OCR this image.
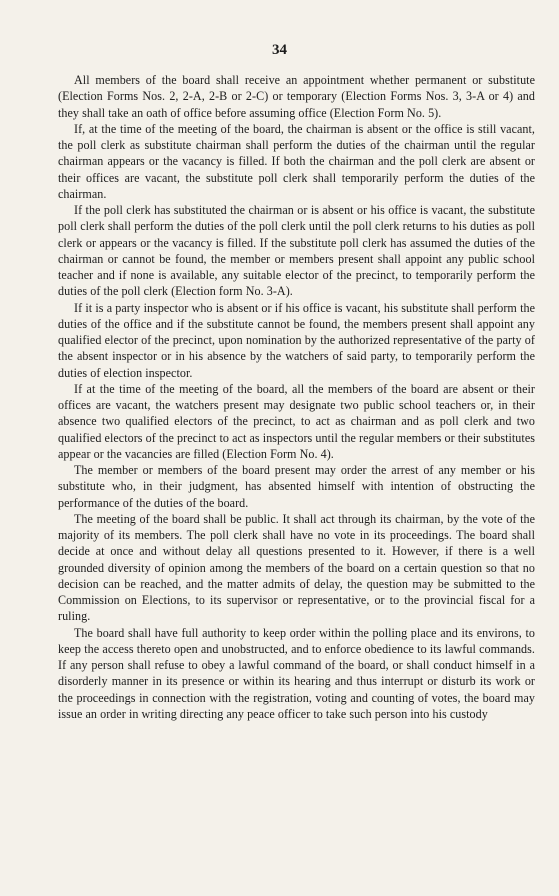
34

All members of the board shall receive an appointment whether permanent or substitute (Election Forms Nos. 2, 2-A, 2-B or 2-C) or temporary (Election Forms Nos. 3, 3-A or 4) and they shall take an oath of office before assuming office (Election Form No. 5).

If, at the time of the meeting of the board, the chairman is absent or the office is still vacant, the poll clerk as substitute chairman shall perform the duties of the chairman until the regular chairman appears or the vacancy is filled. If both the chairman and the poll clerk are absent or their offices are vacant, the substitute poll clerk shall temporarily perform the duties of the chairman.

If the poll clerk has substituted the chairman or is absent or his office is vacant, the substitute poll clerk shall perform the duties of the poll clerk until the poll clerk returns to his duties as poll clerk or appears or the vacancy is filled. If the substitute poll clerk has assumed the duties of the chairman or cannot be found, the member or members present shall appoint any public school teacher and if none is available, any suitable elector of the precinct, to temporarily perform the duties of the poll clerk (Election form No. 3-A).

If it is a party inspector who is absent or if his office is vacant, his substitute shall perform the duties of the office and if the substitute cannot be found, the members present shall appoint any qualified elector of the precinct, upon nomination by the authorized representative of the party of the absent inspector or in his absence by the watchers of said party, to temporarily perform the duties of election inspector.

If at the time of the meeting of the board, all the members of the board are absent or their offices are vacant, the watchers present may designate two public school teachers or, in their absence two qualified electors of the precinct, to act as chairman and as poll clerk and two qualified electors of the precinct to act as inspectors until the regular members or their substitutes appear or the vacancies are filled (Election Form No. 4).

The member or members of the board present may order the arrest of any member or his substitute who, in their judgment, has absented himself with intention of obstructing the performance of the duties of the board.

The meeting of the board shall be public. It shall act through its chairman, by the vote of the majority of its members. The poll clerk shall have no vote in its proceedings. The board shall decide at once and without delay all questions presented to it. However, if there is a well grounded diversity of opinion among the members of the board on a certain question so that no decision can be reached, and the matter admits of delay, the question may be submitted to the Commission on Elections, to its supervisor or representative, or to the provincial fiscal for a ruling.

The board shall have full authority to keep order within the polling place and its environs, to keep the access thereto open and unobstructed, and to enforce obedience to its lawful commands. If any person shall refuse to obey a lawful command of the board, or shall conduct himself in a disorderly manner in its presence or within its hearing and thus interrupt or disturb its work or the proceedings in connection with the registration, voting and counting of votes, the board may issue an order in writing directing any peace officer to take such person into his custody
